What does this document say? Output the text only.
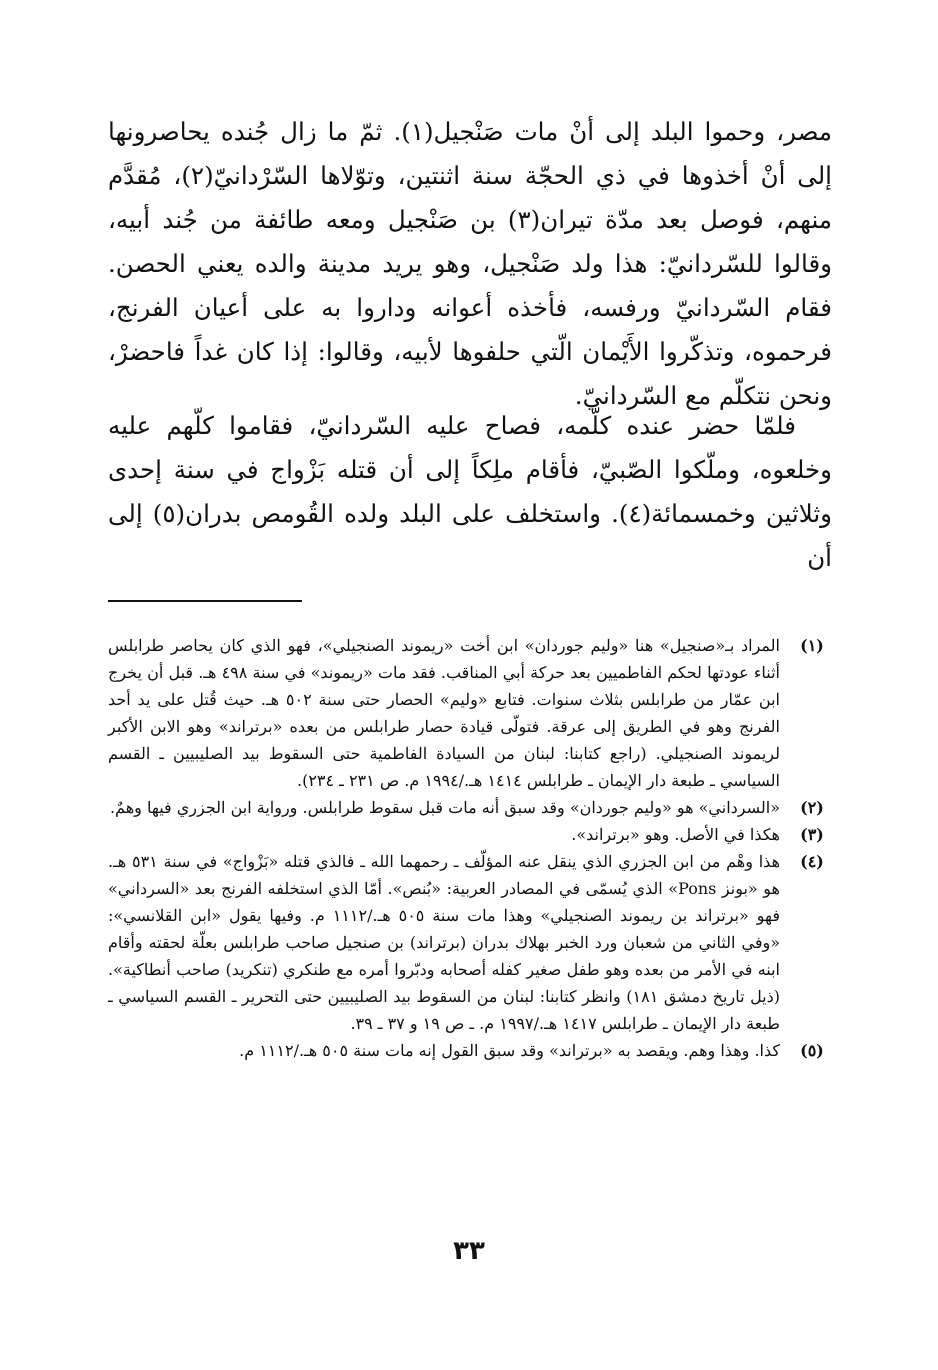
مصر، وحموا البلد إلى أنْ مات صَنْجيل(١). ثمّ ما زال جُنده يحاصرونها إلى أنْ أخذوها في ذي الحجّة سنة اثنتين، وتوّلاها السّرْدانيّ(٢)، مُقدَّم منهم، فوصل بعد مدّة تيران(٣) بن صَنْجيل ومعه طائفة من جُند أبيه، وقالوا للسّردانيّ: هذا ولد صَنْجيل، وهو يريد مدينة والده يعني الحصن. فقام السّردانيّ ورفسه، فأخذه أعوانه وداروا به على أعيان الفرنج، فرحموه، وتذكّروا الأَيْمان الّتي حلفوها لأبيه، وقالوا: إذا كان غداً فاحضرْ، ونحن نتكلّم مع السّردانيّ.

فلمّا حضر عنده كلّمه، فصاح عليه السّردانيّ، فقاموا كلّهم عليه وخلعوه، وملّكوا الصّبيّ، فأقام ملِكاً إلى أن قتله بَزْواج في سنة إحدى وثلاثين وخمسمائة(٤). واستخلف على البلد ولده القُومص بدران(٥) إلى أن

(١)
المراد بـ«صنجيل» هنا «وليم جوردان» ابن أخت «ريموند الصنجيلي»، فهو الذي كان يحاصر طرابلس أثناء عودتها لحكم الفاطميين بعد حركة أبي المناقب. فقد مات «ريموند» في سنة ٤٩٨ هـ. قبل أن يخرج ابن عمّار من طرابلس بثلاث سنوات. فتابع «وليم» الحصار حتى سنة ٥٠٢ هـ. حيث قُتل على يد أحد الفرنج وهو في الطريق إلى عرقة. فتولّى قيادة حصار طرابلس من بعده «برتراند» وهو الابن الأكبر لريموند الصنجيلي. (راجع كتابنا: لبنان من السيادة الفاطمية حتى السقوط بيد الصليبيين ـ القسم السياسي ـ طبعة دار الإيمان ـ طرابلس ١٤١٤ هـ./١٩٩٤ م. ص ٢٣١ ـ ٢٣٤).
(٢)
«السرداني» هو «وليم جوردان» وقد سبق أنه مات قبل سقوط طرابلس. ورواية ابن الجزري فيها وهمٌ.
(٣)
هكذا في الأصل. وهو «برتراند».
(٤)
هذا وهْم من ابن الجزري الذي ينقل عنه المؤلّف ـ رحمهما الله ـ فالذي قتله «بَزْواج» في سنة ٥٣١ هـ. هو «بونز Pons» الذي يُسمّى في المصادر العربية: «بُنص». أمّا الذي استخلفه الفرنج بعد «السرداني» فهو «برتراند بن ريموند الصنجيلي» وهذا مات سنة ٥٠٥ هـ./١١١٢ م. وفيها يقول «ابن القلانسي»: «وفي الثاني من شعبان ورد الخبر بهلاك بدران (برتراند) بن صنجيل صاحب طرابلس بعلّة لحقته وأقام ابنه في الأمر من بعده وهو طفل صغير كفله أصحابه ودبّروا أمره مع طنكري (تنكريد) صاحب أنطاكية». (ذيل تاريخ دمشق ١٨١) وانظر كتابنا: لبنان من السقوط بيد الصليبيين حتى التحرير ـ القسم السياسي ـ طبعة دار الإيمان ـ طرابلس ١٤١٧ هـ./١٩٩٧ م. ـ ص ١٩ و ٣٧ ـ ٣٩.
(٥)
كذا. وهذا وهم. ويقصد به «برتراند» وقد سبق القول إنه مات سنة ٥٠٥ هـ./١١١٢ م.
٣٣
